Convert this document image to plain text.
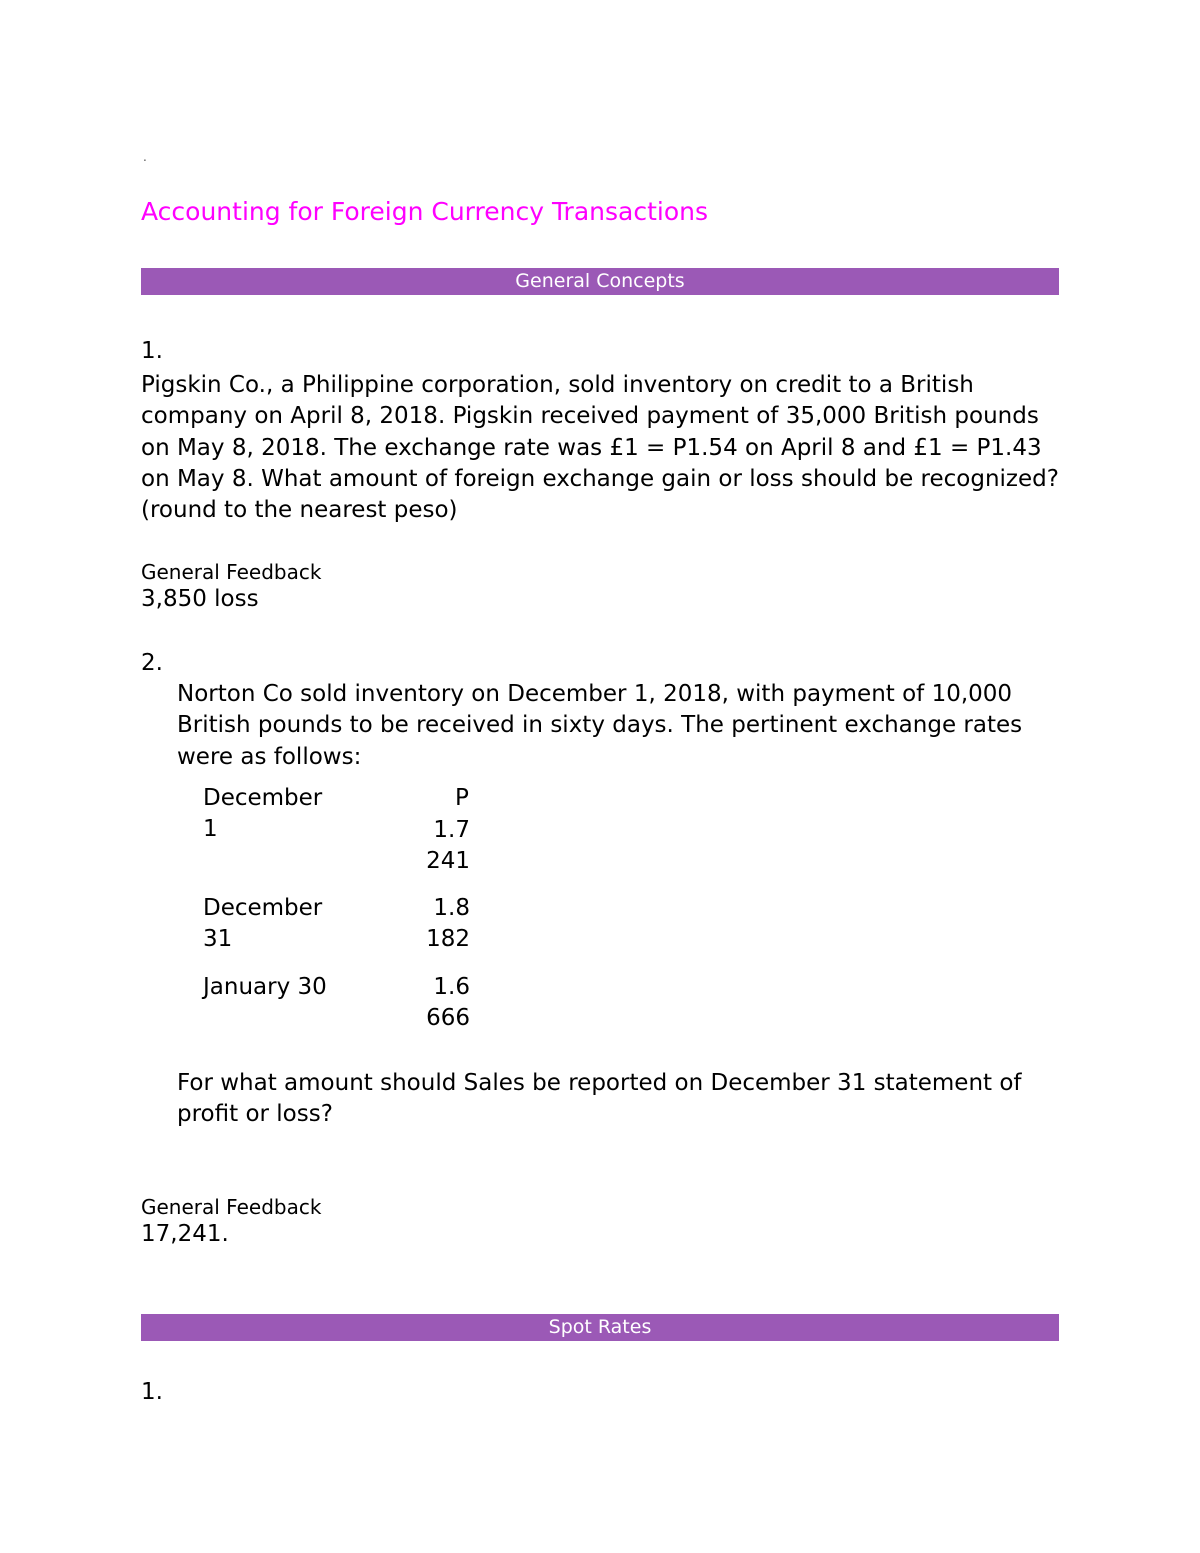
.
Accounting for Foreign Currency Transactions
General Concepts
1.
Pigskin Co., a Philippine corporation, sold inventory on credit to a British company on April 8, 2018. Pigskin received payment of 35,000 British pounds on May 8, 2018. The exchange rate was £1 = P1.54 on April 8 and £1 = P1.43 on May 8. What amount of foreign exchange gain or loss should be recognized? (round to the nearest peso)
General Feedback
3,850 loss
2.
Norton Co sold inventory on December 1, 2018, with payment of 10,000 British pounds to be received in sixty days. The pertinent exchange rates were as follows:
P
December 1	1.7241
December 31
1.8182
January 30	1.6666
For what amount should Sales be reported on December 31 statement of profit or loss?
General Feedback
17,241.
Spot Rates
1.
